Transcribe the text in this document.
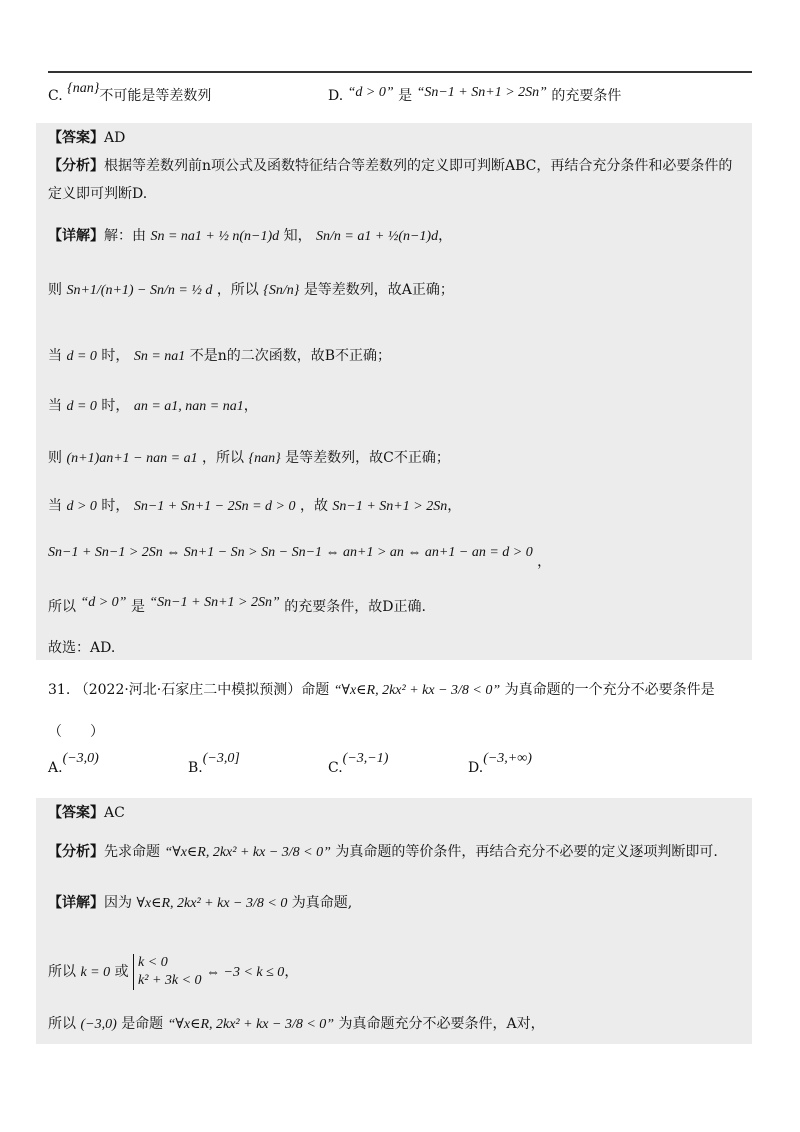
C. {nan}不可能是等差数列	D. “d > 0” 是 “Sn−1 + Sn+1 > 2Sn” 的充要条件
【答案】AD
【分析】根据等差数列前n项公式及函数特征结合等差数列的定义即可判断ABC，再结合充分条件和必要条件的
定义即可判断D.
【详解】解：由 Sn = na1 + ½ n(n−1)d 知， Sn/n = a1 + ½(n−1)d，
则 Sn+1/(n+1) − Sn/n = ½ d ，所以 {Sn/n} 是等差数列，故A正确；
当 d = 0 时， Sn = na1 不是n的二次函数，故B不正确；
当 d = 0 时， an = a1, nan = na1，
则 (n+1)an+1 − nan = a1 ，所以 {nan} 是等差数列，故C不正确；
当 d > 0 时， Sn−1 + Sn+1 − 2Sn = d > 0 ，故 Sn−1 + Sn+1 > 2Sn，
Sn−1 + Sn−1 > 2Sn ⇔ Sn+1 − Sn > Sn − Sn−1 ⇔ an+1 > an ⇔ an+1 − an = d > 0 ，
所以 “d > 0” 是 “Sn−1 + Sn+1 > 2Sn” 的充要条件，故D正确.
故选：AD.
31. （2022·河北·石家庄二中模拟预测）命题 “∀x∈R, 2kx² + kx − 3/8 < 0” 为真命题的一个充分不必要条件是
（　　）
A.(−3,0)
B.(−3,0]
C.(−3,−1)
D.(−3,+∞)
【答案】AC
【分析】先求命题 “∀x∈R, 2kx² + kx − 3/8 < 0” 为真命题的等价条件，再结合充分不必要的定义逐项判断即可.
【详解】因为 ∀x∈R, 2kx² + kx − 3/8 < 0 为真命题,
所以 k = 0 或
k < 0
k² + 3k < 0
⇔ −3 < k ≤ 0，
所以 (−3,0) 是命题 “∀x∈R, 2kx² + kx − 3/8 < 0” 为真命题充分不必要条件，A对，
